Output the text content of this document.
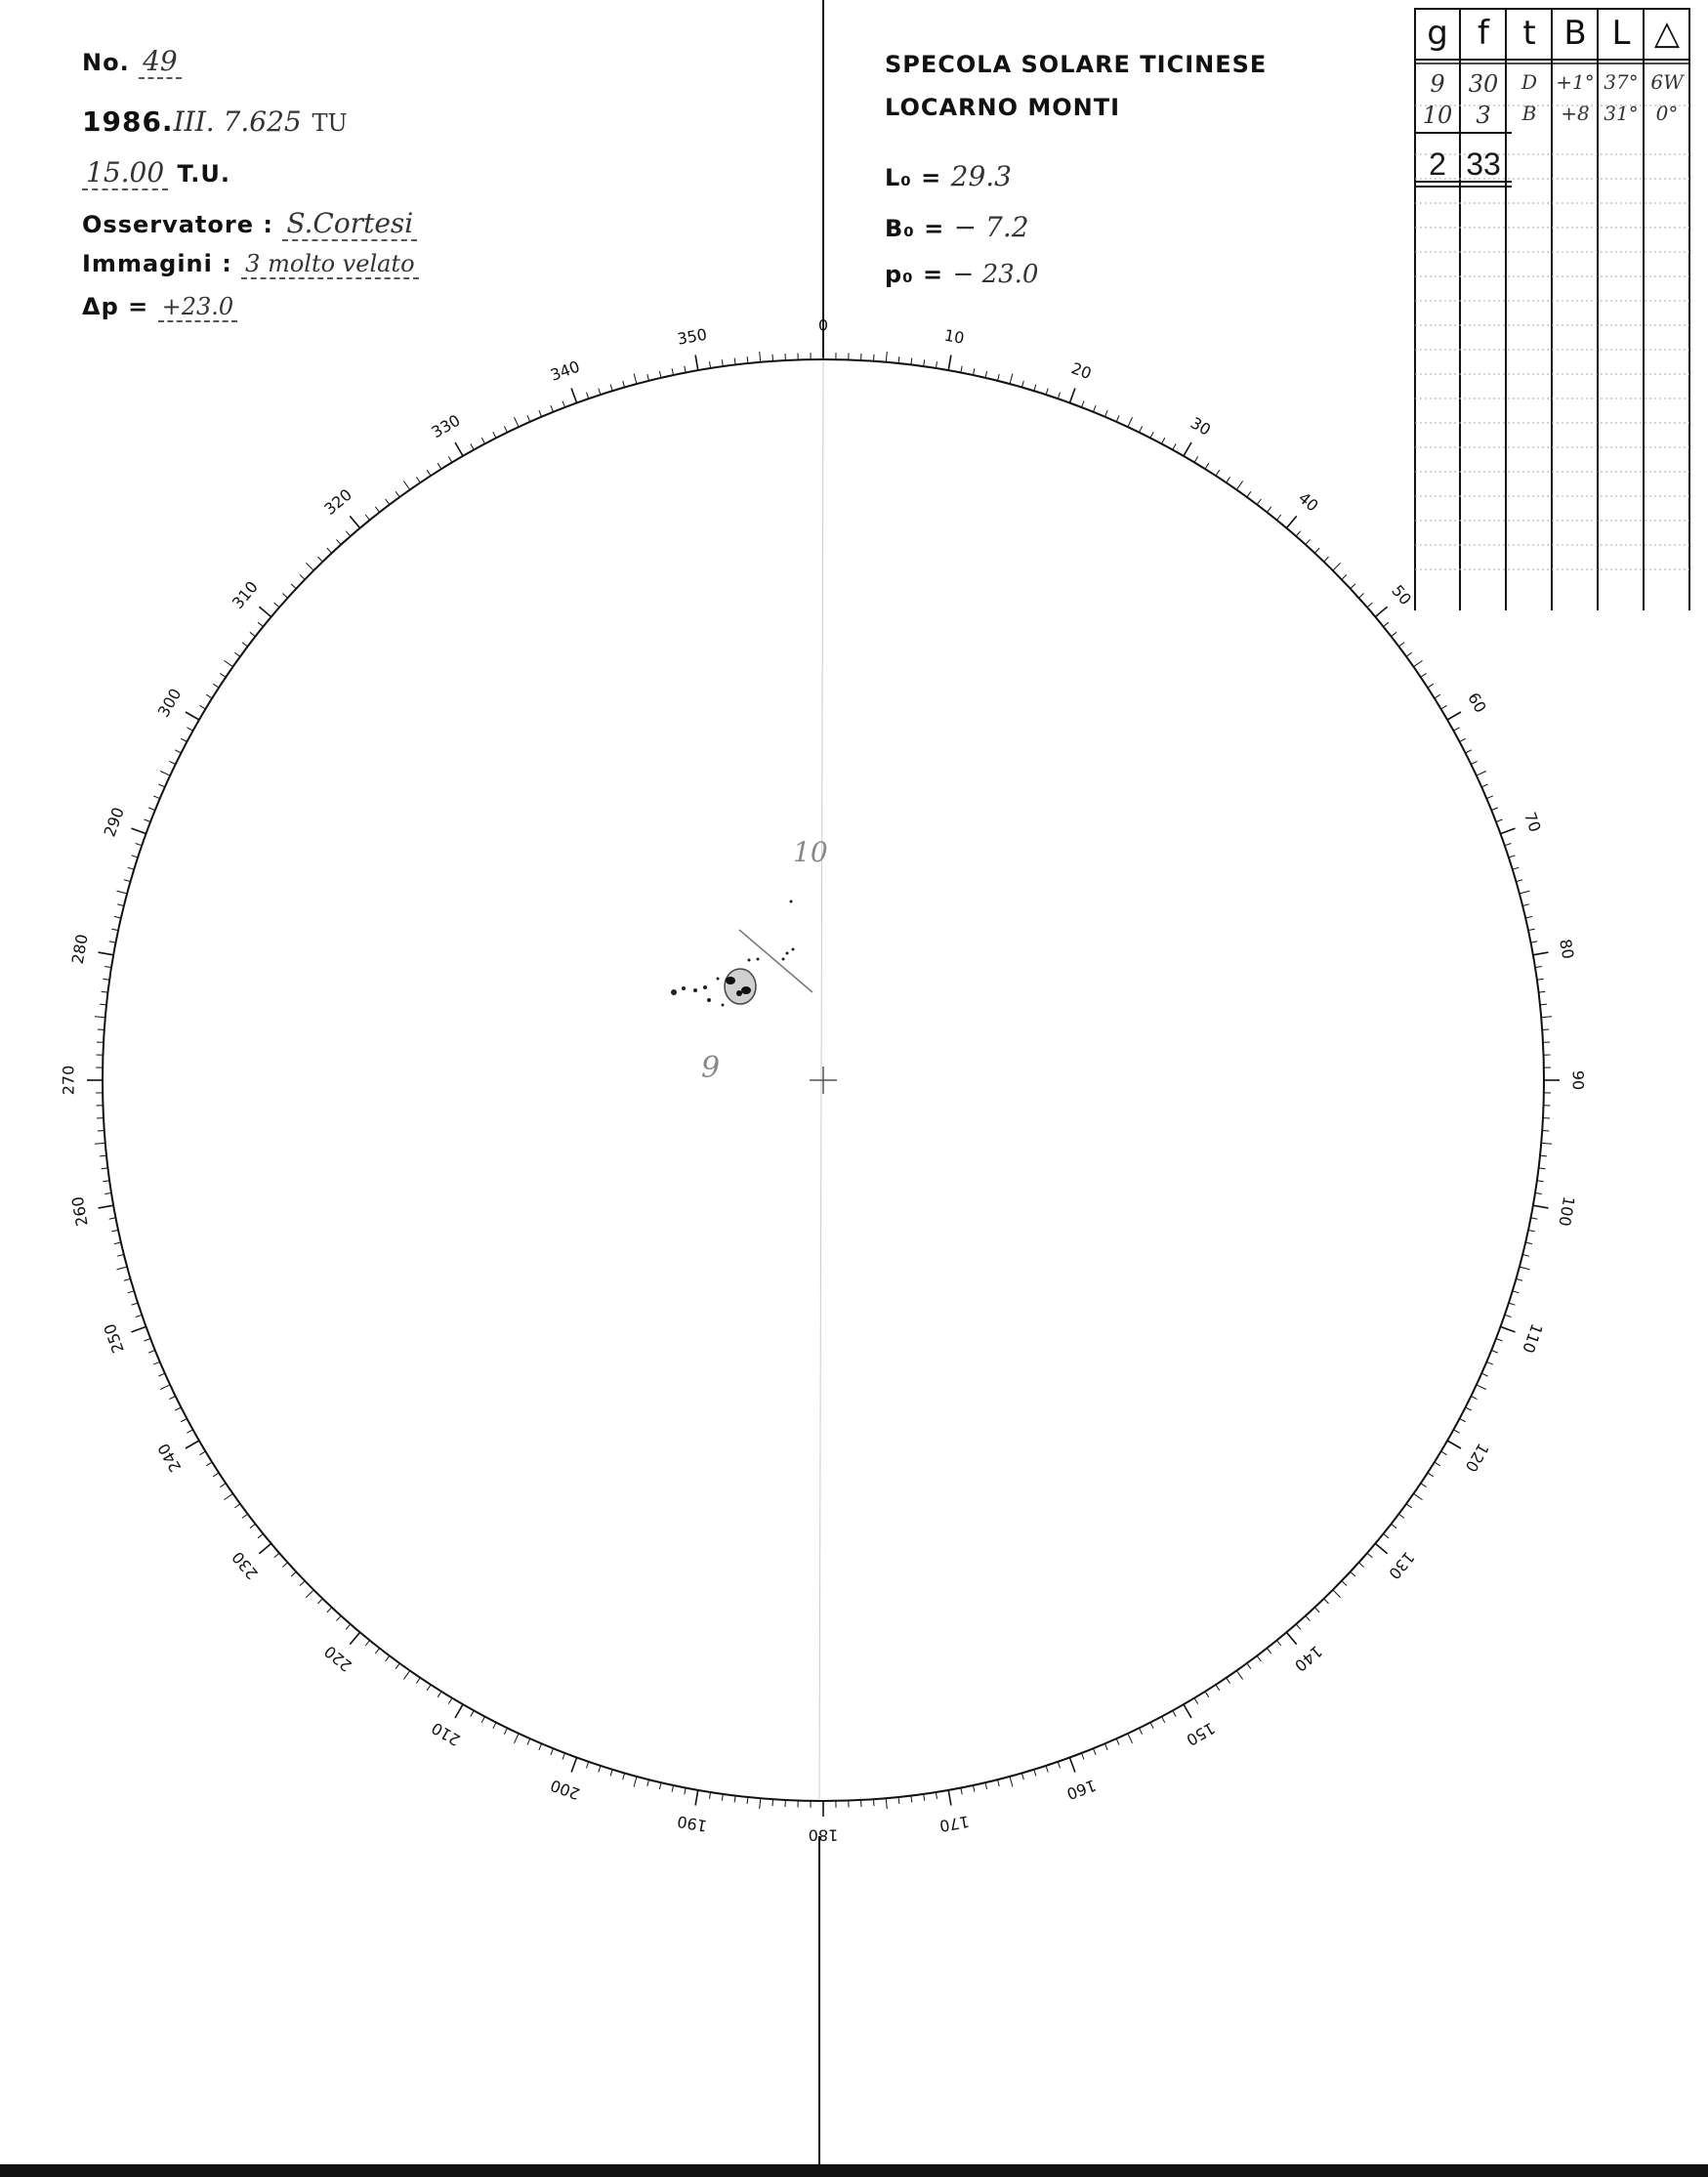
No. 49
1986.III. 7.625 TU
15.00 T.U.
Osservatore : S.Cortesi
Immagini : 3 molto velato
Δp = +23.0
SPECOLA SOLARE TICINESE
LOCARNO MONTI
L₀ = 29.3
B₀ = − 7.2
p₀ = − 23.0
g f	t B L △
9	30	D +1° 37° 6W
10	3	B	+8 31° 0°
2 33
0
10
20
30
40
50
60
70
80
90
100
110
120
130
140
150
160
170
180
190
200
210
220
230
240
250
260
270
280
290
300
310
320
330
340
350
10
9
